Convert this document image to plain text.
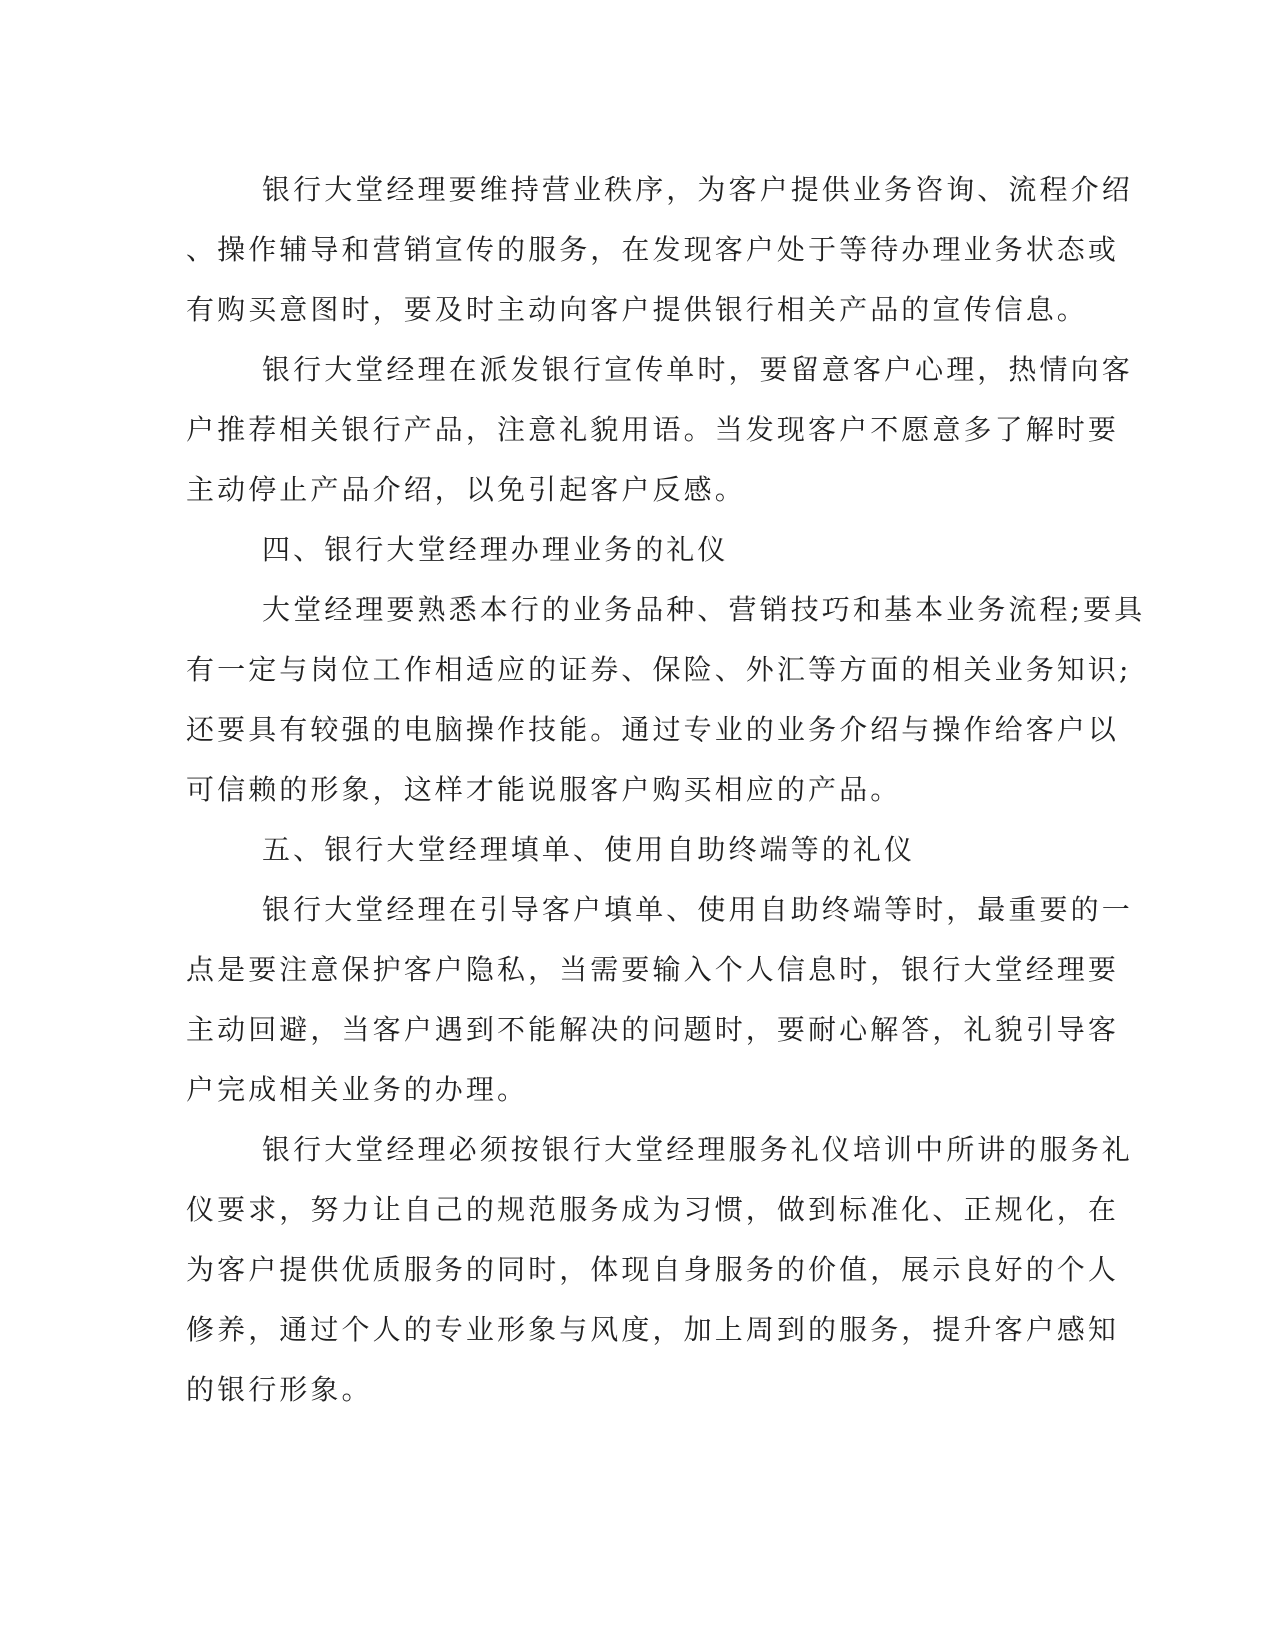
银行大堂经理要维持营业秩序，为客户提供业务咨询、流程介绍
、操作辅导和营销宣传的服务，在发现客户处于等待办理业务状态或
有购买意图时，要及时主动向客户提供银行相关产品的宣传信息。
银行大堂经理在派发银行宣传单时，要留意客户心理，热情向客
户推荐相关银行产品，注意礼貌用语。当发现客户不愿意多了解时要
主动停止产品介绍，以免引起客户反感。
四、银行大堂经理办理业务的礼仪
大堂经理要熟悉本行的业务品种、营销技巧和基本业务流程;要具
有一定与岗位工作相适应的证券、保险、外汇等方面的相关业务知识;
还要具有较强的电脑操作技能。通过专业的业务介绍与操作给客户以
可信赖的形象，这样才能说服客户购买相应的产品。
五、银行大堂经理填单、使用自助终端等的礼仪
银行大堂经理在引导客户填单、使用自助终端等时，最重要的一
点是要注意保护客户隐私，当需要输入个人信息时，银行大堂经理要
主动回避，当客户遇到不能解决的问题时，要耐心解答，礼貌引导客
户完成相关业务的办理。
银行大堂经理必须按银行大堂经理服务礼仪培训中所讲的服务礼
仪要求，努力让自己的规范服务成为习惯，做到标准化、正规化，在
为客户提供优质服务的同时，体现自身服务的价值，展示良好的个人
修养，通过个人的专业形象与风度，加上周到的服务，提升客户感知
的银行形象。
